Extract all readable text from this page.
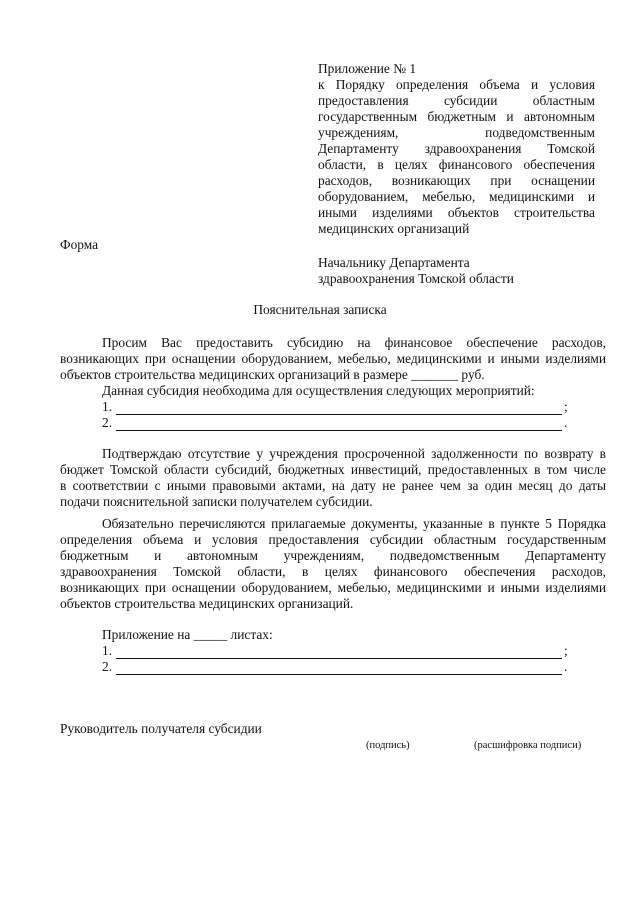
Приложение № 1
к Порядку определения объема и условия
предоставления субсидии областным
государственным бюджетным и автономным
учреждениям, подведомственным
Департаменту здравоохранения Томской
области, в целях финансового обеспечения
расходов, возникающих при оснащении
оборудованием, мебелью, медицинскими и
иными изделиями объектов строительства
медицинских организаций
Форма
Начальнику Департамента
здравоохранения Томской области
Пояснительная записка
Просим Вас предоставить субсидию на финансовое обеспечение расходов,
возникающих при оснащении оборудованием, мебелью, медицинскими и иными изделиями
объектов строительства медицинских организаций в размере _______ руб.
Данная субсидия необходима для осуществления следующих мероприятий:
1.	;
2.	.
Подтверждаю отсутствие у учреждения просроченной задолженности по возврату в
бюджет Томской области субсидий, бюджетных инвестиций, предоставленных в том числе
в соответствии с иными правовыми актами, на дату не ранее чем за один месяц до даты
подачи пояснительной записки получателем субсидии.
Обязательно перечисляются прилагаемые документы, указанные в пункте 5 Порядка
определения объема и условия предоставления субсидии областным государственным
бюджетным и автономным учреждениям, подведомственным Департаменту
здравоохранения Томской области, в целях финансового обеспечения расходов,
возникающих при оснащении оборудованием, мебелью, медицинскими и иными изделиями
объектов строительства медицинских организаций.
Приложение на _____ листах:
1.	;
2.	.
Руководитель получателя субсидии
(подпись)	(расшифровка подписи)
